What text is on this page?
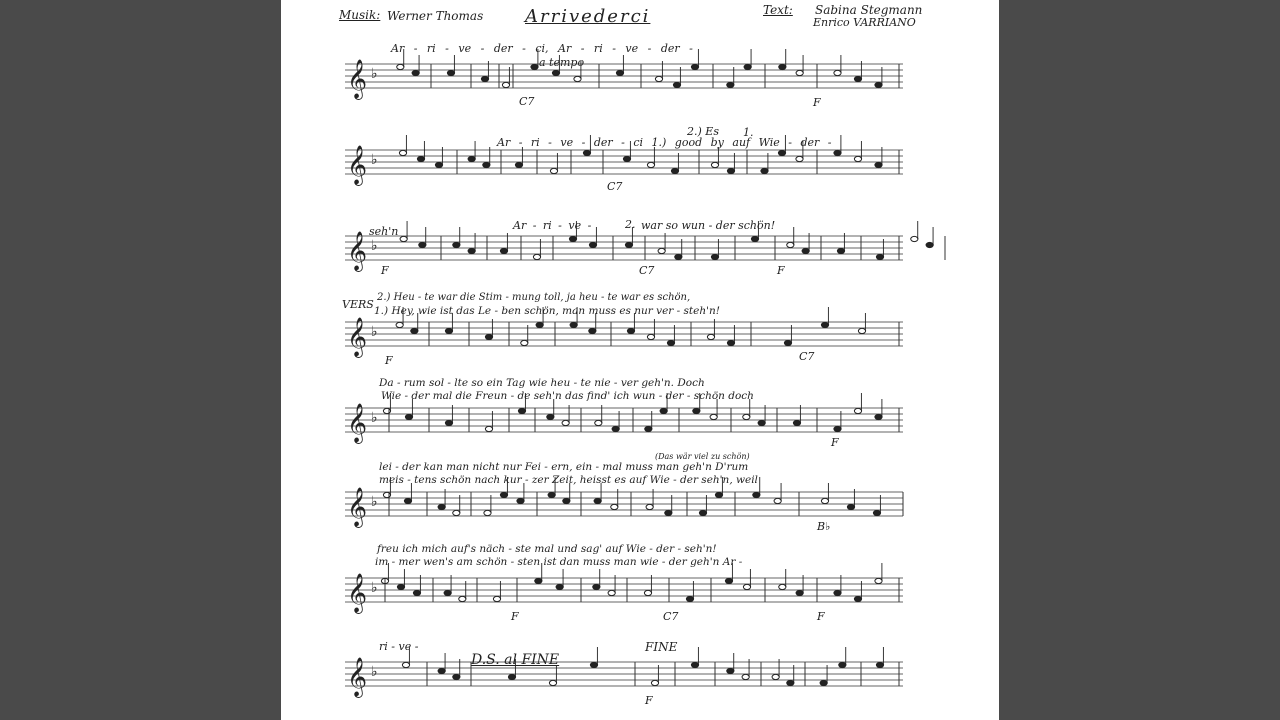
Musik: Werner Thomas Arrivederci	Text: Sabina Stegmann
Enrico VARRIANO
Ar - ri - ve - der - ci, Ar - ri - ve - der -
a tempo
C7	F
Ar - ri - ve - der - ci 1.) good by auf Wie - der -
2.) Es 1.
C7
seh'n	Ar - ri - ve -	2. war so wun - der schön!
F	C7	F
VERS
2.) Heu - te war die Stim - mung toll, ja heu - te war es schön,
1.) Hey, wie ist das Le - ben schön, man muss es nur ver - steh'n!
F	C7
Da - rum sol - lte so ein Tag wie heu - te nie - ver geh'n. Doch
Wie - der mal die Freun - de seh'n das find' ich wun - der - schön doch
F
(Das wär viel zu schön)
lei - der kan man nicht nur Fei - ern, ein - mal muss man geh'n D'rum
meis - tens schön nach kur - zer Zeit, heisst es auf Wie - der seh'n, weil
B♭
freu ich mich auf's näch - ste mal und sag' auf Wie - der - seh'n!
im - mer wen's am schön - sten ist dan muss man wie - der geh'n Ar -
F	C7	F
ri - ve -
D.S. al FINE
FINE
F
𝄞 ♭
𝄞 ♭
𝄞 ♭
𝄞 ♭
𝄞 ♭
𝄞 ♭
𝄞 ♭
𝄞 ♭
